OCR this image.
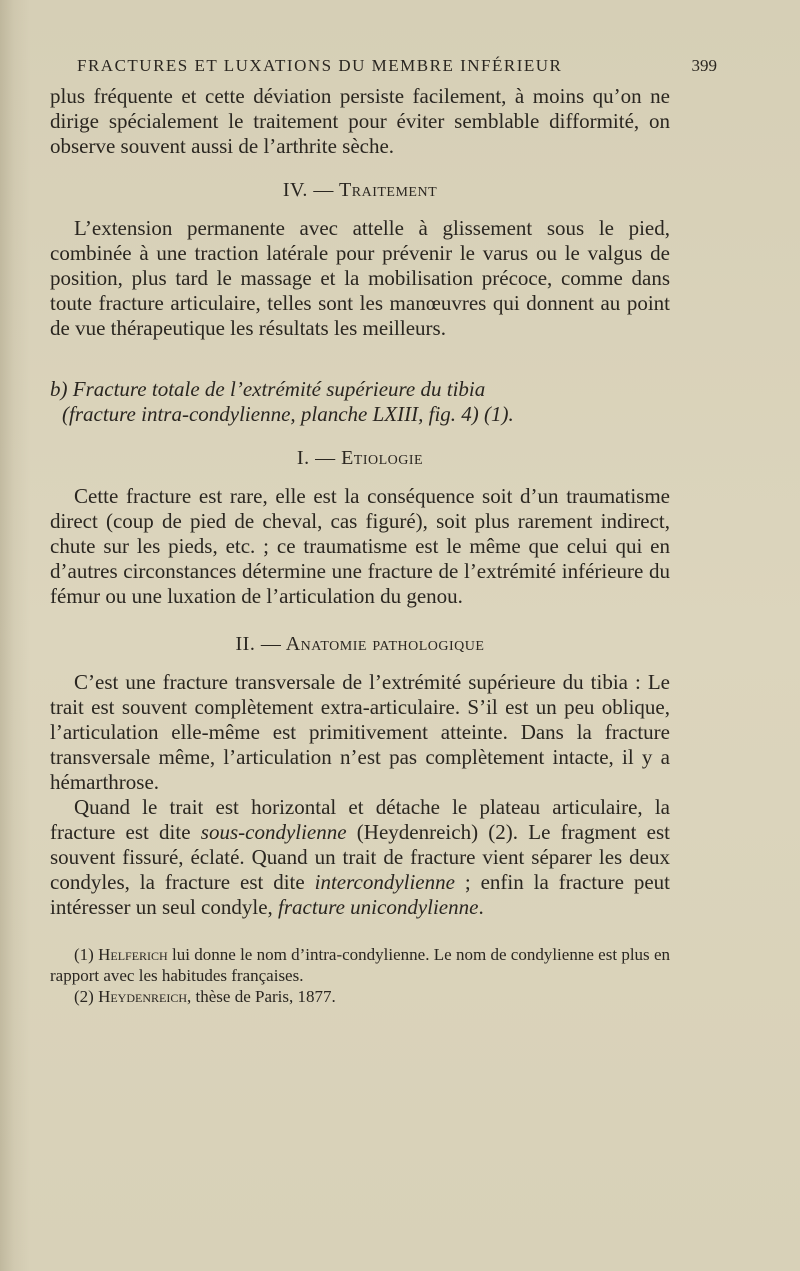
FRACTURES ET LUXATIONS DU MEMBRE INFÉRIEUR	399

plus fréquente et cette déviation persiste facilement, à moins qu’on ne dirige spécialement le traitement pour éviter semblable difformité, on observe souvent aussi de l’arthrite sèche.

IV. — Traitement

L’extension permanente avec attelle à glissement sous le pied, combinée à une traction latérale pour prévenir le varus ou le valgus de position, plus tard le massage et la mobilisation précoce, comme dans toute fracture articulaire, telles sont les manœuvres qui donnent au point de vue thérapeutique les résultats les meilleurs.

b) Fracture totale de l’extrémité supérieure du tibia
(fracture intra-condylienne, planche LXIII, fig. 4) (1).
I. — Etiologie

Cette fracture est rare, elle est la conséquence soit d’un traumatisme direct (coup de pied de cheval, cas figuré), soit plus rarement indirect, chute sur les pieds, etc. ; ce traumatisme est le même que celui qui en d’autres circonstances détermine une fracture de l’extrémité inférieure du fémur ou une luxation de l’articulation du genou.

II. — Anatomie pathologique

C’est une fracture transversale de l’extrémité supérieure du tibia : Le trait est souvent complètement extra-articulaire. S’il est un peu oblique, l’articulation elle-même est primitivement atteinte. Dans la fracture transversale même, l’articulation n’est pas complètement intacte, il y a hémarthrose.

Quand le trait est horizontal et détache le plateau articulaire, la fracture est dite sous-condylienne (Heydenreich) (2). Le fragment est souvent fissuré, éclaté. Quand un trait de fracture vient séparer les deux condyles, la fracture est dite intercondylienne ; enfin la fracture peut intéresser un seul condyle, fracture unicondylienne.

(1) Helferich lui donne le nom d’intra-condylienne. Le nom de condylienne est plus en rapport avec les habitudes françaises.

(2) Heydenreich, thèse de Paris, 1877.
